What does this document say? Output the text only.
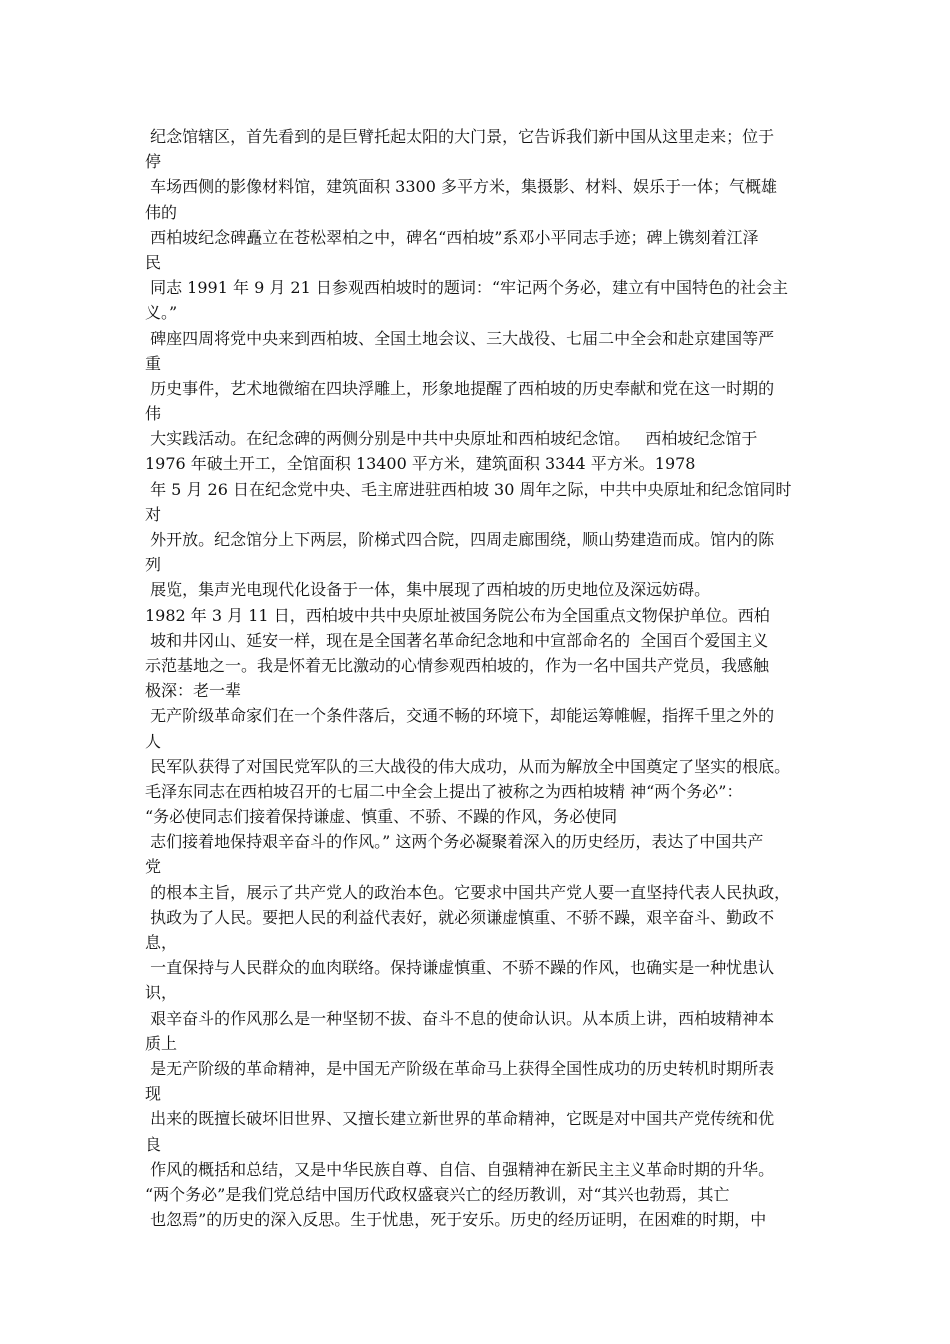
纪念馆辖区，首先看到的是巨臂托起太阳的大门景，它告诉我们新中国从这里走来；位于
停
车场西侧的影像材料馆，建筑面积 3300 多平方米，集摄影、材料、娱乐于一体；气概雄
伟的
西柏坡纪念碑矗立在苍松翠柏之中，碑名“西柏坡”系邓小平同志手迹；碑上镌刻着江泽
民
同志 1991 年 9 月 21 日参观西柏坡时的题词：“牢记两个务必，建立有中国特色的社会主
义。”
碑座四周将党中央来到西柏坡、全国土地会议、三大战役、七届二中全会和赴京建国等严
重
历史事件，艺术地微缩在四块浮雕上，形象地提醒了西柏坡的历史奉献和党在这一时期的
伟
大实践活动。在纪念碑的两侧分别是中共中央原址和西柏坡纪念馆。   西柏坡纪念馆于
1976 年破土开工，全馆面积 13400 平方米，建筑面积 3344 平方米。1978
年 5 月 26 日在纪念党中央、毛主席进驻西柏坡 30 周年之际，中共中央原址和纪念馆同时
对
外开放。纪念馆分上下两层，阶梯式四合院，四周走廊围绕，顺山势建造而成。馆内的陈
列
展览，集声光电现代化设备于一体，集中展现了西柏坡的历史地位及深远妨碍。
1982 年 3 月 11 日，西柏坡中共中央原址被国务院公布为全国重点文物保护单位。西柏
坡和井冈山、延安一样，现在是全国著名革命纪念地和中宣部命名的  全国百个爱国主义
示范基地之一。我是怀着无比激动的心情参观西柏坡的，作为一名中国共产党员，我感触
极深：老一辈
无产阶级革命家们在一个条件落后，交通不畅的环境下，却能运筹帷幄，指挥千里之外的
人
民军队获得了对国民党军队的三大战役的伟大成功，从而为解放全中国奠定了坚实的根底。
毛泽东同志在西柏坡召开的七届二中全会上提出了被称之为西柏坡精 神“两个务必”：
“务必使同志们接着保持谦虚、慎重、不骄、不躁的作风，务必使同
志们接着地保持艰辛奋斗的作风。” 这两个务必凝聚着深入的历史经历，表达了中国共产
党
的根本主旨，展示了共产党人的政治本色。它要求中国共产党人要一直坚持代表人民执政，
执政为了人民。要把人民的利益代表好，就必须谦虚慎重、不骄不躁，艰辛奋斗、勤政不
息，
一直保持与人民群众的血肉联络。保持谦虚慎重、不骄不躁的作风，也确实是一种忧患认
识，
艰辛奋斗的作风那么是一种坚韧不拔、奋斗不息的使命认识。从本质上讲，西柏坡精神本
质上
是无产阶级的革命精神，是中国无产阶级在革命马上获得全国性成功的历史转机时期所表
现
出来的既擅长破坏旧世界、又擅长建立新世界的革命精神，它既是对中国共产党传统和优
良
作风的概括和总结，又是中华民族自尊、自信、自强精神在新民主主义革命时期的升华。
“两个务必”是我们党总结中国历代政权盛衰兴亡的经历教训，对“其兴也勃焉，其亡
也忽焉”的历史的深入反思。生于忧患，死于安乐。历史的经历证明，在困难的时期，中
